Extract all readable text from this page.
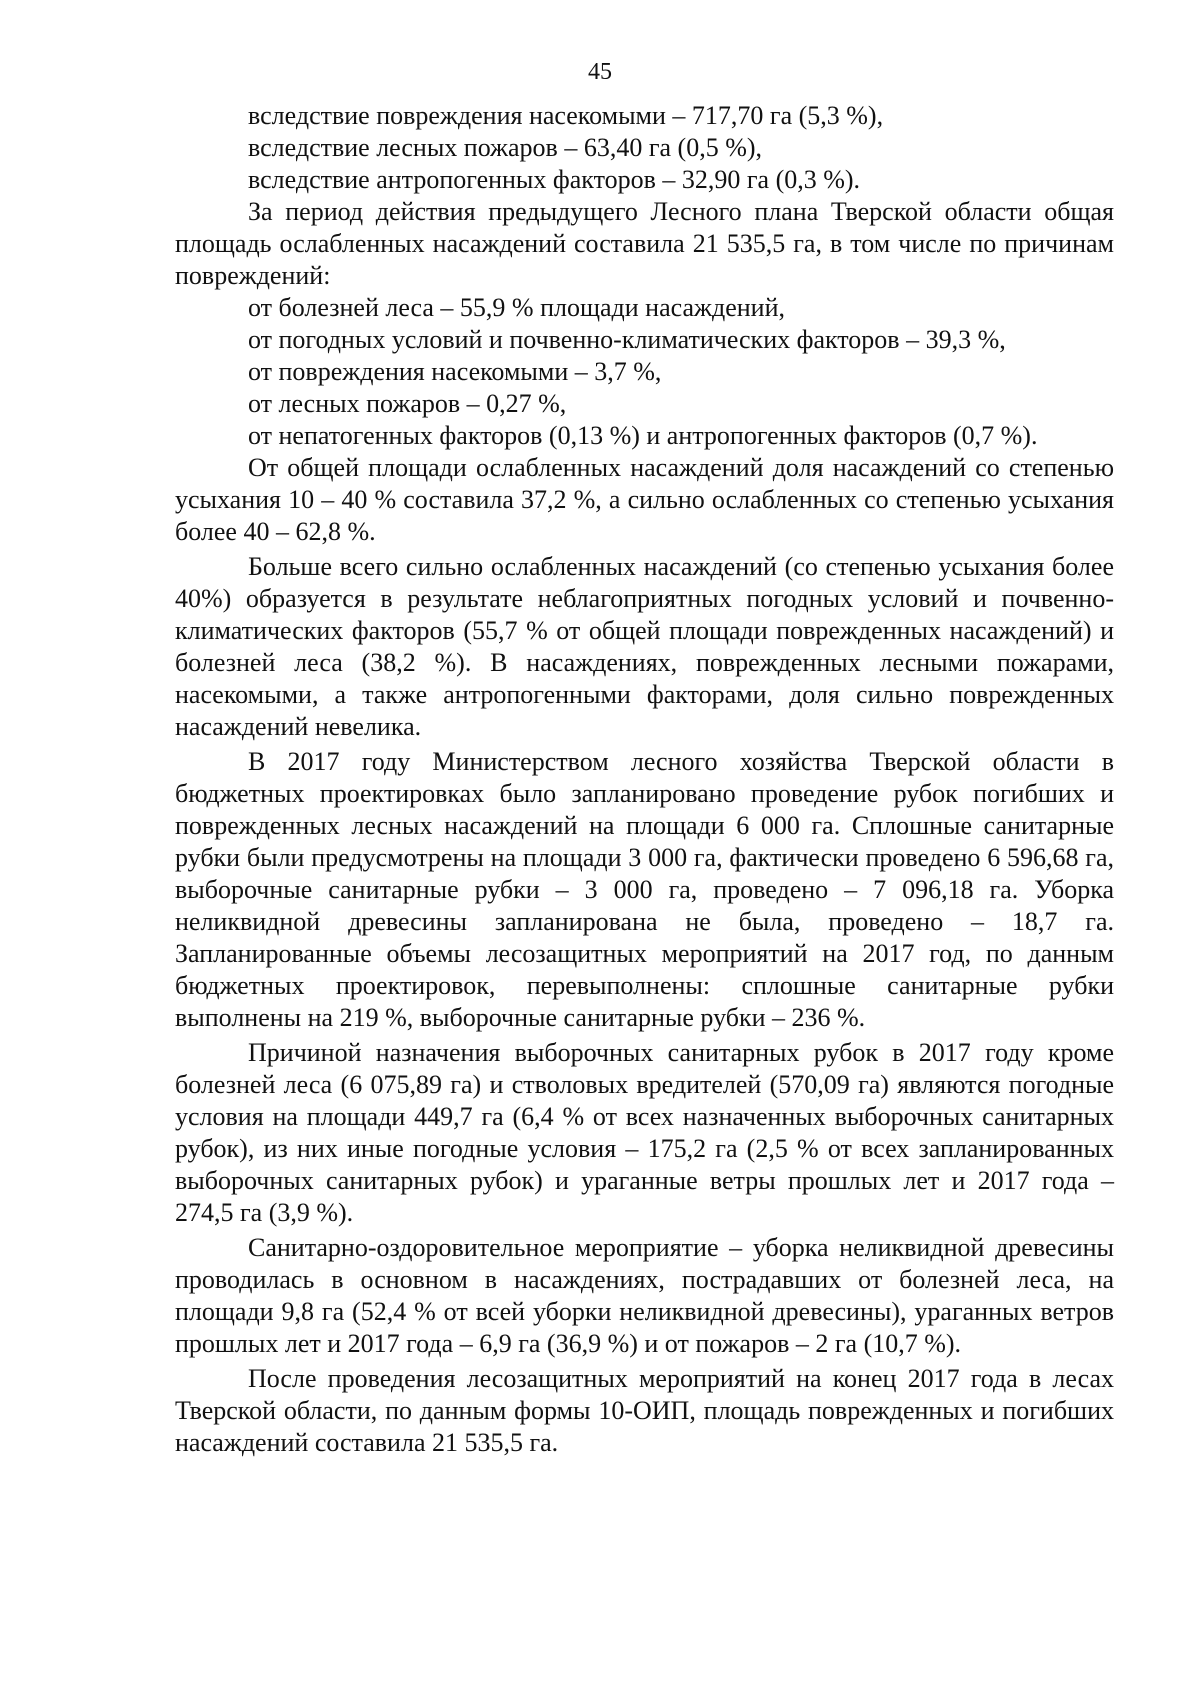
45

вследствие повреждения насекомыми – 717,70 га (5,3 %),

вследствие лесных пожаров – 63,40 га (0,5 %),

вследствие антропогенных факторов – 32,90 га (0,3 %).

За период действия предыдущего Лесного плана Тверской области общая площадь ослабленных насаждений составила 21 535,5 га, в том числе по причинам повреждений:

от болезней леса – 55,9 % площади насаждений,

от погодных условий и почвенно-климатических факторов – 39,3 %,

от повреждения насекомыми – 3,7 %,

от лесных пожаров – 0,27 %,

от непатогенных факторов (0,13 %) и антропогенных факторов (0,7 %).

От общей площади ослабленных насаждений доля насаждений со степенью усыхания 10 – 40 % составила 37,2 %, а сильно ослабленных со степенью усыхания более 40 – 62,8 %.

Больше всего сильно ослабленных насаждений (со степенью усыхания более 40%) образуется в результате неблагоприятных погодных условий и почвенно-климатических факторов (55,7 % от общей площади поврежденных насаждений) и болезней леса (38,2 %). В насаждениях, поврежденных лесными пожарами, насекомыми, а также антропогенными факторами, доля сильно поврежденных насаждений невелика.

В 2017 году Министерством лесного хозяйства Тверской области в бюджетных проектировках было запланировано проведение рубок погибших и поврежденных лесных насаждений на площади 6 000 га. Сплошные санитарные рубки были предусмотрены на площади 3 000 га, фактически проведено 6 596,68 га, выборочные санитарные рубки – 3 000 га, проведено – 7 096,18 га. Уборка неликвидной древесины запланирована не была, проведено – 18,7 га. Запланированные объемы лесозащитных мероприятий на 2017 год, по данным бюджетных проектировок, перевыполнены: сплошные санитарные рубки выполнены на 219 %, выборочные санитарные рубки – 236 %.

Причиной назначения выборочных санитарных рубок в 2017 году кроме болезней леса (6 075,89 га) и стволовых вредителей (570,09 га) являются погодные условия на площади 449,7 га (6,4 % от всех назначенных выборочных санитарных рубок), из них иные погодные условия – 175,2 га (2,5 % от всех запланированных выборочных санитарных рубок) и ураганные ветры прошлых лет и 2017 года – 274,5 га (3,9 %).

Санитарно-оздоровительное мероприятие – уборка неликвидной древесины проводилась в основном в насаждениях, пострадавших от болезней леса, на площади 9,8 га (52,4 % от всей уборки неликвидной древесины), ураганных ветров прошлых лет и 2017 года – 6,9 га (36,9 %) и от пожаров – 2 га (10,7 %).

После проведения лесозащитных мероприятий на конец 2017 года в лесах Тверской области, по данным формы 10-ОИП, площадь поврежденных и погибших насаждений составила 21 535,5 га.
